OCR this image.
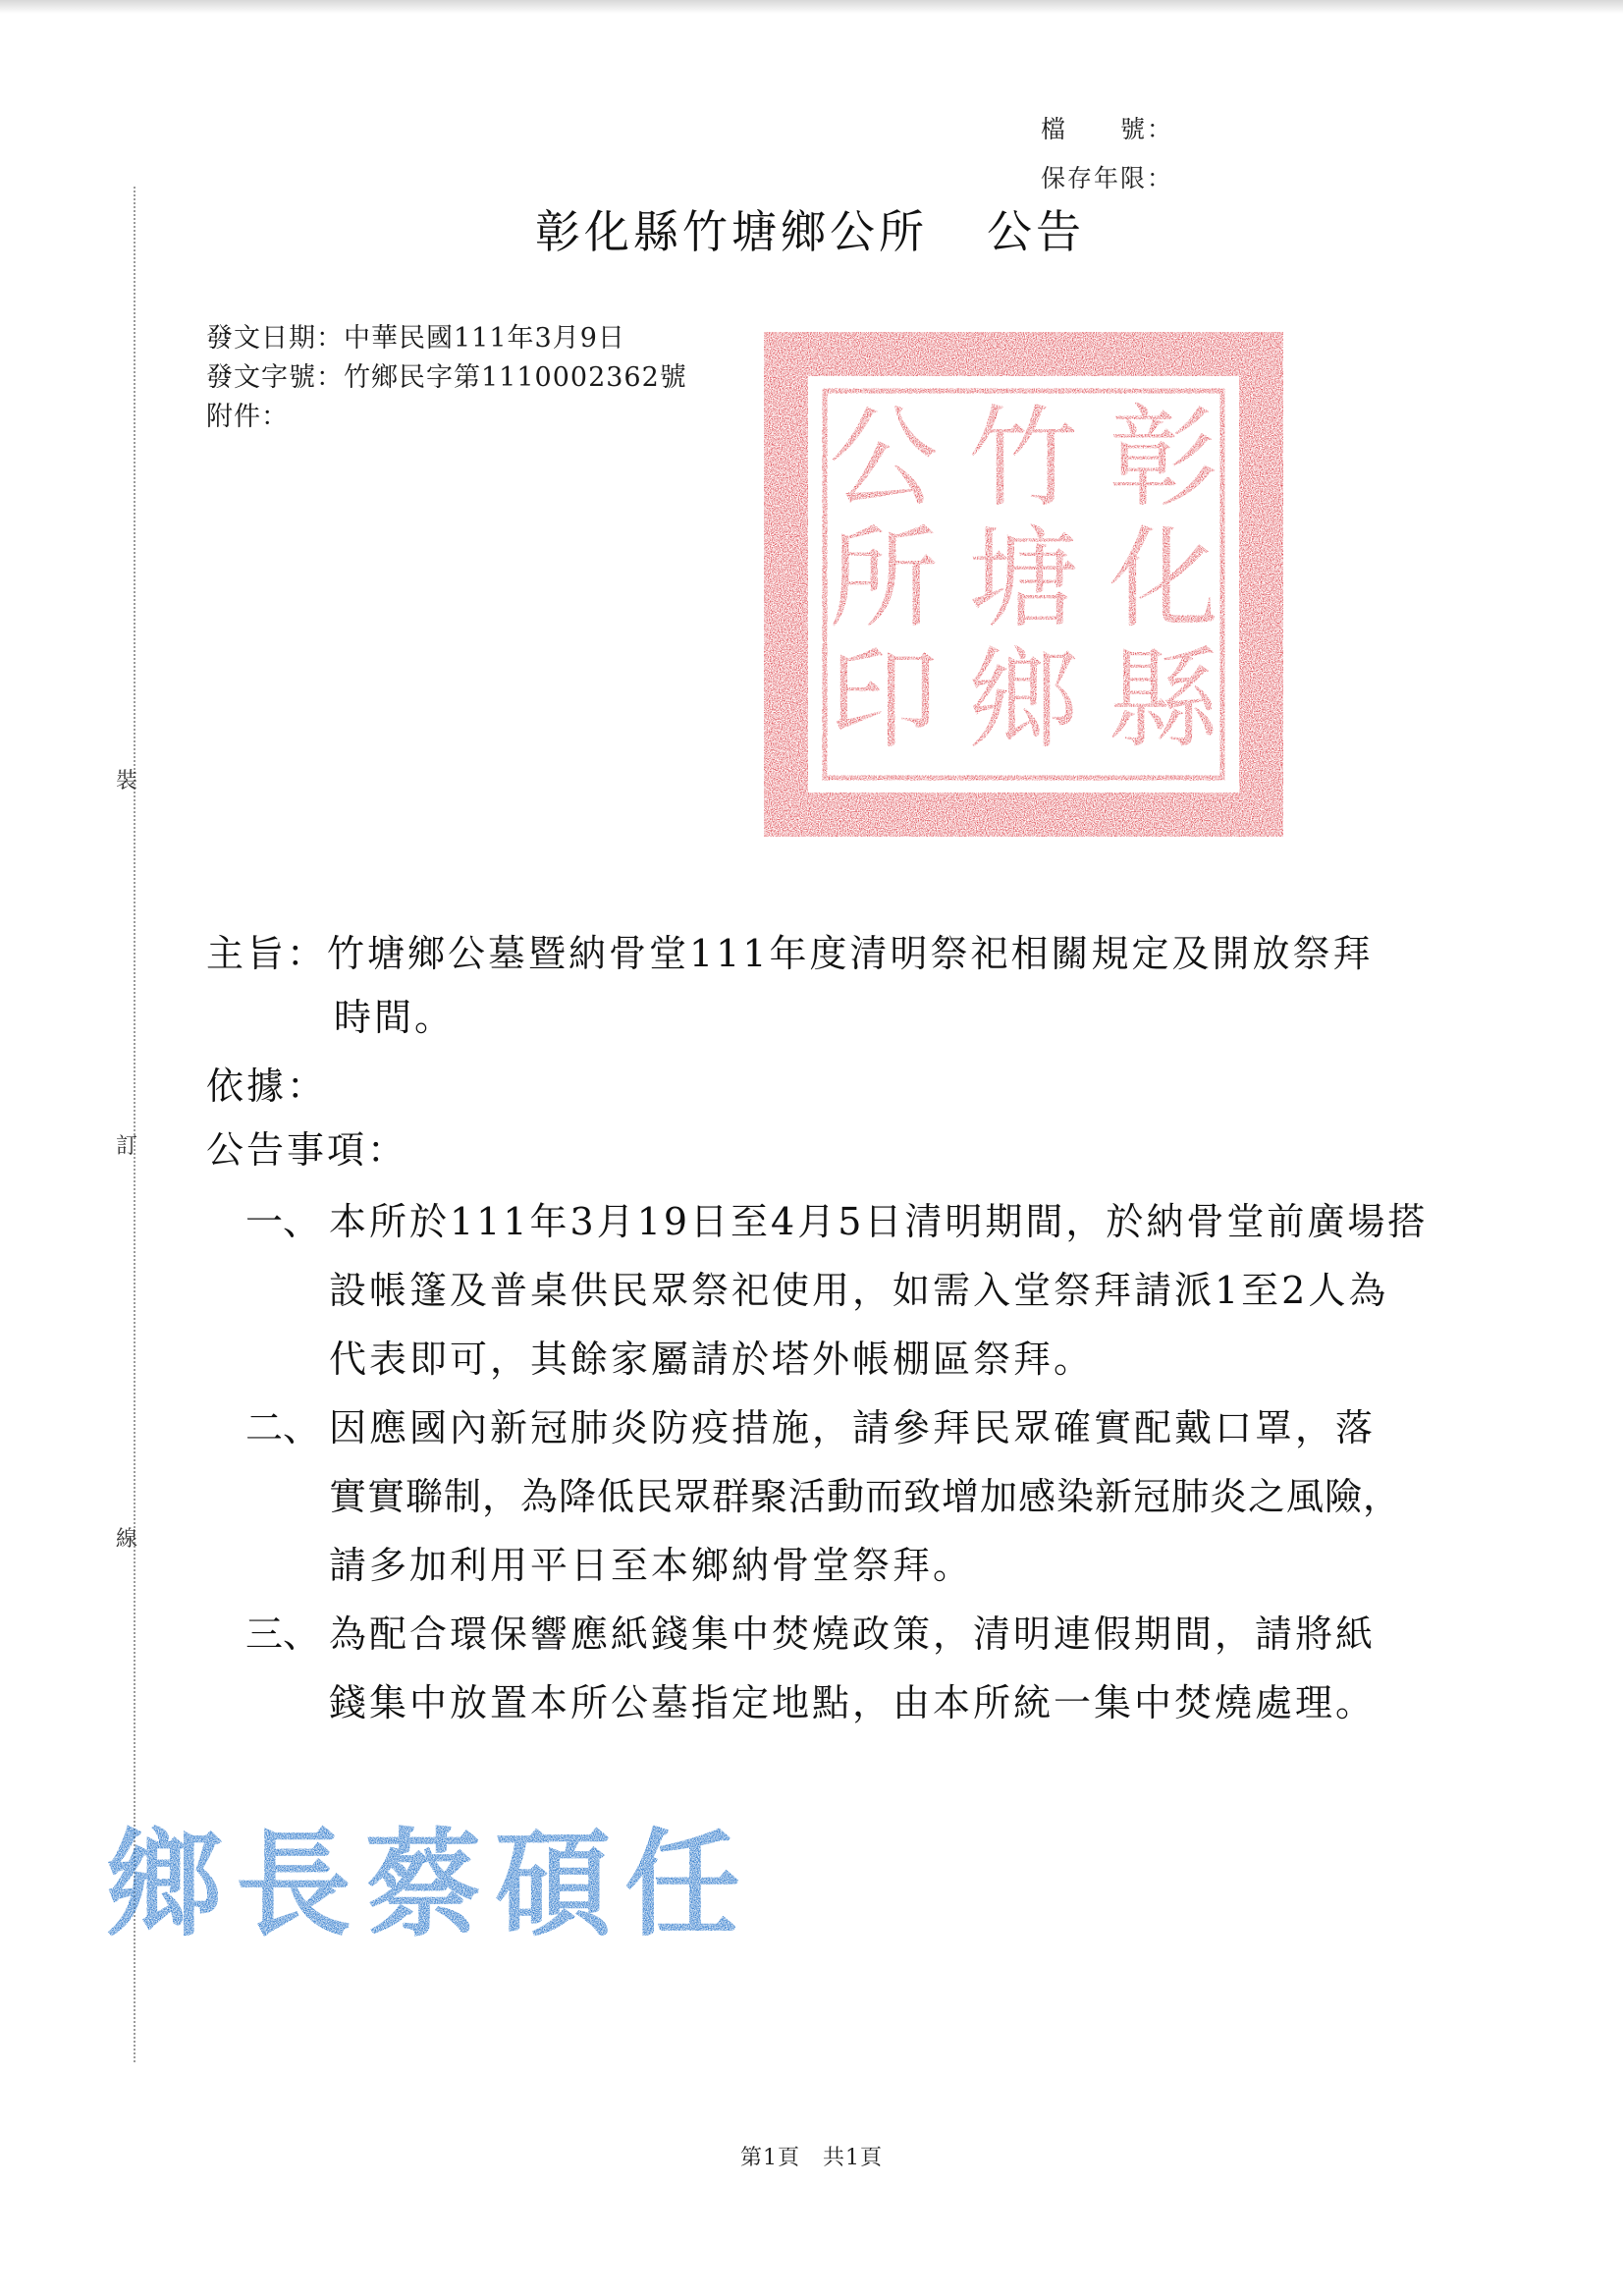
檔　　號：
保存年限：
裝
訂
線
彰化縣竹塘鄉公所 公告
發文日期：中華民國111年3月9日
發文字號：竹鄉民字第1110002362號
附件：	彰
化
縣
竹
塘
鄉
公
所
印
主旨：竹塘鄉公墓暨納骨堂111年度清明祭祀相關規定及開放祭拜
時間。
依據：
公告事項：
一、 本所於111年3月19日至4月5日清明期間，於納骨堂前廣場搭
設帳篷及普桌供民眾祭祀使用，如需入堂祭拜請派1至2人為
代表即可，其餘家屬請於塔外帳棚區祭拜。
二、 因應國內新冠肺炎防疫措施，請參拜民眾確實配戴口罩，落
實實聯制，為降低民眾群聚活動而致增加感染新冠肺炎之風險，
請多加利用平日至本鄉納骨堂祭拜。
三、 為配合環保響應紙錢集中焚燒政策，清明連假期間，請將紙
錢集中放置本所公墓指定地點，由本所統一集中焚燒處理。
鄉長蔡碩任
第1頁　共1頁
